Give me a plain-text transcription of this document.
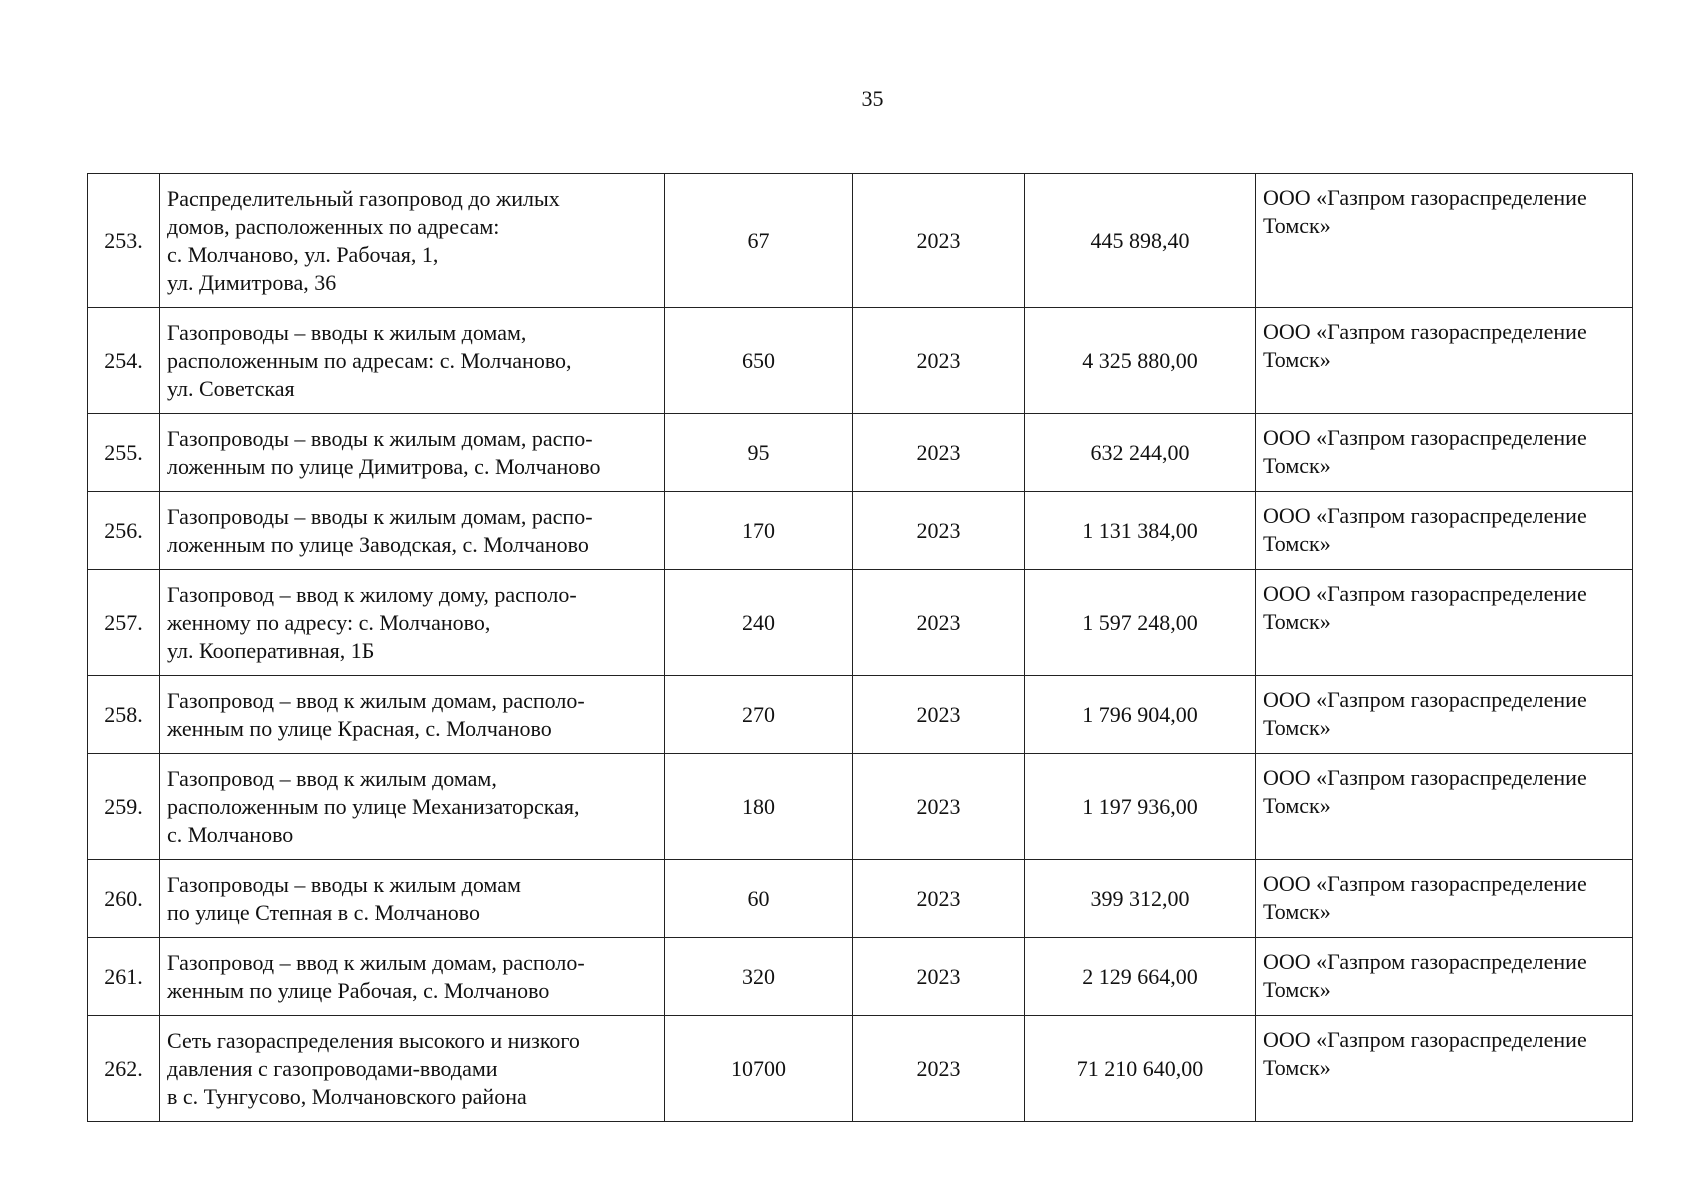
35
253.	Распределительный газопровод до жилых
домов, расположенных по адресам:
с. Молчаново, ул. Рабочая, 1,
ул. Димитрова, 36	67	2023	445 898,40	ООО «Газпром газораспределение
Томск»

254.	Газопроводы – вводы к жилым домам,
расположенным по адресам: с. Молчаново,
ул. Советская	650	2023	4 325 880,00	ООО «Газпром газораспределение
Томск»

255.	Газопроводы – вводы к жилым домам, распо-
ложенным по улице Димитрова, с. Молчаново	95	2023	632 244,00	ООО «Газпром газораспределение
Томск»

256.	Газопроводы – вводы к жилым домам, распо-
ложенным по улице Заводская, с. Молчаново	170	2023	1 131 384,00	ООО «Газпром газораспределение
Томск»

257.	Газопровод – ввод к жилому дому, располо-
женному по адресу: с. Молчаново,
ул. Кооперативная, 1Б	240	2023	1 597 248,00	ООО «Газпром газораспределение
Томск»

258.	Газопровод – ввод к жилым домам, располо-
женным по улице Красная, с. Молчаново	270	2023	1 796 904,00	ООО «Газпром газораспределение
Томск»

259.	Газопровод – ввод к жилым домам,
расположенным по улице Механизаторская,
с. Молчаново	180	2023	1 197 936,00	ООО «Газпром газораспределение
Томск»

260.	Газопроводы – вводы к жилым домам
по улице Степная в с. Молчаново	60	2023	399 312,00	ООО «Газпром газораспределение
Томск»

261.	Газопровод – ввод к жилым домам, располо-
женным по улице Рабочая, с. Молчаново	320	2023	2 129 664,00	ООО «Газпром газораспределение
Томск»

262.	Сеть газораспределения высокого и низкого
давления с газопроводами-вводами
в с. Тунгусово, Молчановского района	10700	2023	71 210 640,00	ООО «Газпром газораспределение
Томск»
